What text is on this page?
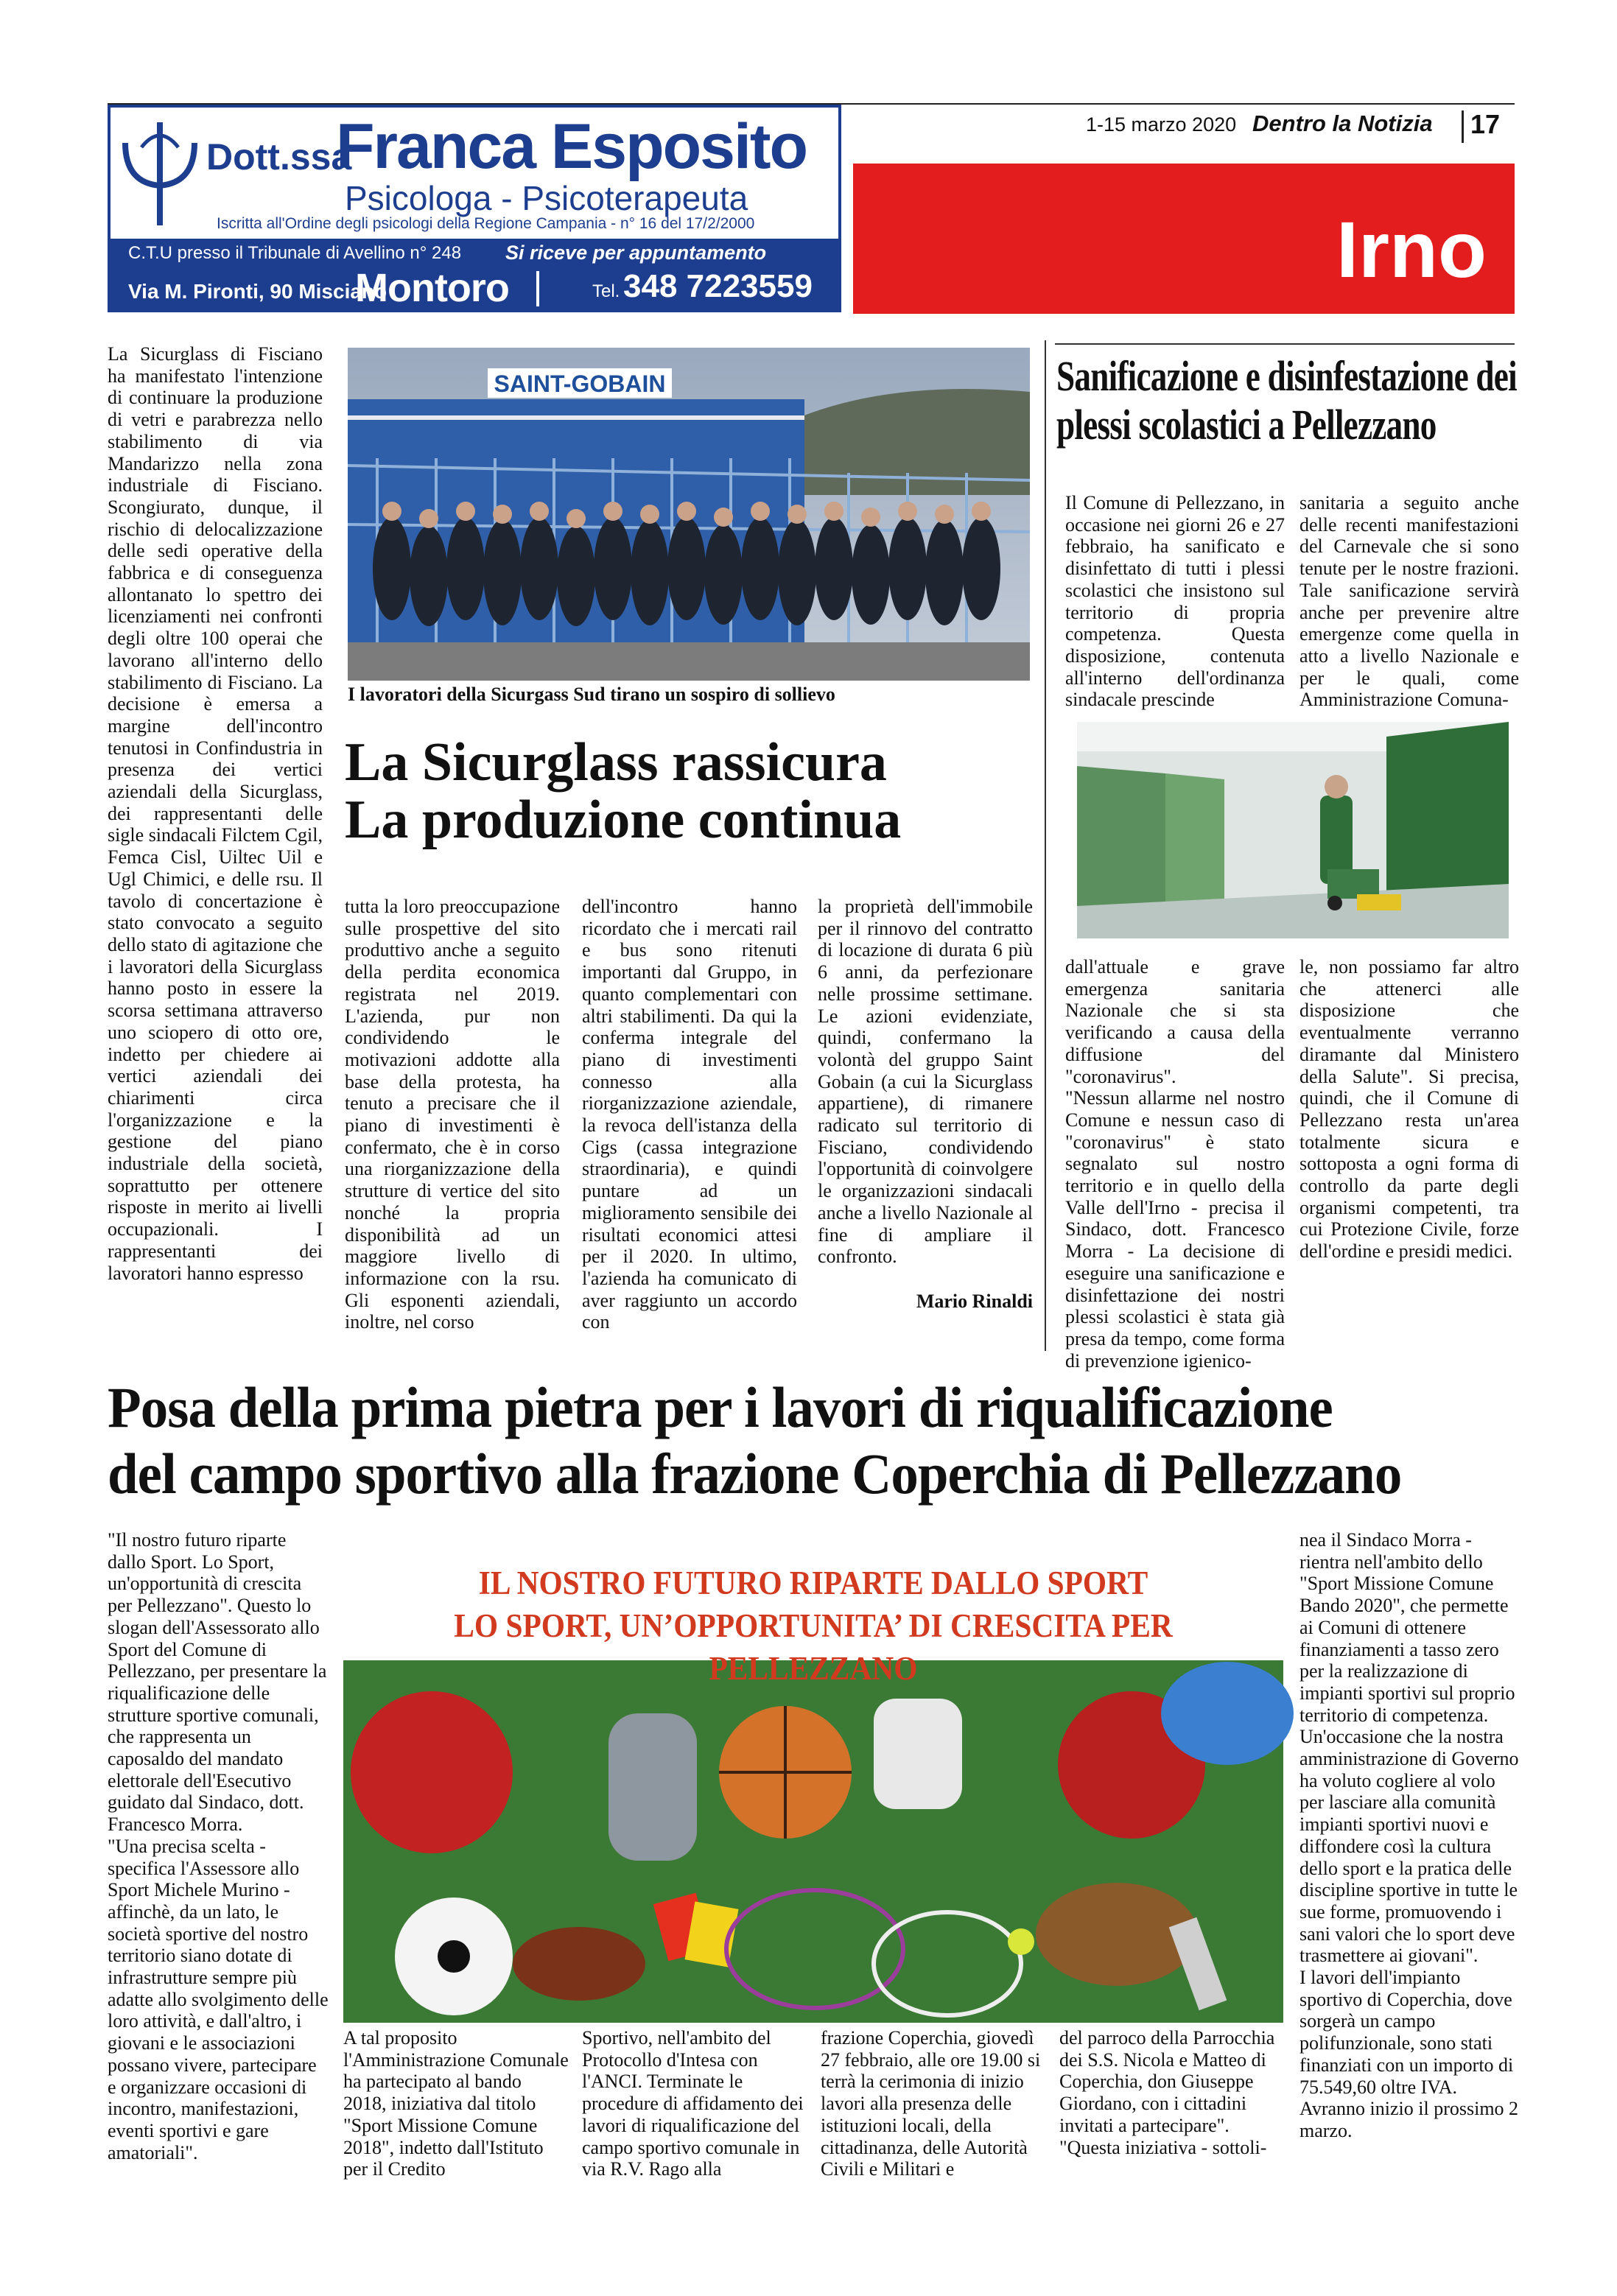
Dott.ssa
Franca Esposito
Psicologa - Psicoterapeuta
Iscritta all'Ordine degli psicologi della Regione Campania - n° 16 del 17/2/2000
C.T.U presso il Tribunale di Avellino n° 248 Si riceve per appuntamento
Via M. Pironti, 90 Misciano
Montoro	Tel. 348 7223559
1-15 marzo 2020 Dentro la Notizia 17
Irno
La Sicurglass di Fisciano ha manifestato l'intenzione di continuare la produzione di vetri e parabrezza nello stabilimento di via Mandarizzo nella zona industriale di Fisciano. Scongiurato, dunque, il rischio di delocalizzazione delle sedi operative della fabbrica e di conseguenza allontanato lo spettro dei licenziamenti nei confronti degli oltre 100 operai che lavorano all'interno dello stabilimento di Fisciano. La decisione è emersa a margine dell'incontro tenutosi in Confindustria in presenza dei vertici aziendali della Sicurglass, dei rappresentanti delle sigle sindacali Filctem Cgil, Femca Cisl, Uiltec Uil e Ugl Chimici, e delle rsu. Il tavolo di concertazione è stato convocato a seguito dello stato di agitazione che i lavoratori della Sicurglass hanno posto in essere la scorsa settimana attraverso uno sciopero di otto ore, indetto per chiedere ai vertici aziendali dei chiarimenti circa l'organizzazione e la gestione del piano industriale della società, soprattutto per ottenere risposte in merito ai livelli occupazionali. I rappresentanti dei lavoratori hanno espresso
SAINT-GOBAIN
I lavoratori della Sicurgass Sud tirano un sospiro di sollievo
La Sicurglass rassicura
La produzione continua
tutta la loro preoccupazione sulle prospettive del sito produttivo anche a seguito della perdita economica registrata nel 2019. L'azienda, pur non condividendo le motivazioni addotte alla base della protesta, ha tenuto a precisare che il piano di investimenti è confermato, che è in corso una riorganizzazione della strutture di vertice del sito nonché la propria disponibilità ad un maggiore livello di informazione con la rsu. Gli esponenti aziendali, inoltre, nel corso
dell'incontro hanno ricordato che i mercati rail e bus sono ritenuti importanti dal Gruppo, in quanto complementari con altri stabilimenti. Da qui la conferma integrale del piano di investimenti connesso alla riorganizzazione aziendale, la revoca dell'istanza della Cigs (cassa integrazione straordinaria), e quindi puntare ad un miglioramento sensibile dei risultati economici attesi per il 2020. In ultimo, l'azienda ha comunicato di aver raggiunto un accordo con
la proprietà dell'immobile per il rinnovo del contratto di locazione di durata 6 più 6 anni, da perfezionare nelle prossime settimane. Le azioni evidenziate, quindi, confermano la volontà del gruppo Saint Gobain (a cui la Sicurglass appartiene), di rimanere radicato sul territorio di Fisciano, condividendo l'opportunità di coinvolgere le organizzazioni sindacali anche a livello Nazionale al fine di ampliare il confronto.
Mario Rinaldi
Sanificazione e disinfestazione dei
plessi scolastici a Pellezzano
Il Comune di Pellezzano, in occasione nei giorni 26 e 27 febbraio, ha sanificato e disinfettato di tutti i plessi scolastici che insistono sul territorio di propria competenza. Questa disposizione, contenuta all'interno dell'ordinanza sindacale prescinde
sanitaria a seguito anche delle recenti manifestazioni del Carnevale che si sono tenute per le nostre frazioni. Tale sanificazione servirà anche per prevenire altre emergenze come quella in atto a livello Nazionale e per le quali, come Amministrazione Comuna-
dall'attuale e grave emergenza sanitaria Nazionale che si sta verificando a causa della diffusione del "coronavirus".
"Nessun allarme nel nostro Comune e nessun caso di "coronavirus" è stato segnalato sul nostro territorio e in quello della Valle dell'Irno - precisa il Sindaco, dott. Francesco Morra - La decisione di eseguire una sanificazione e disinfettazione dei nostri plessi scolastici è stata già presa da tempo, come forma di prevenzione igienico-
le, non possiamo far altro che attenerci alle disposizione che eventualmente verranno diramante dal Ministero della Salute". Si precisa, quindi, che il Comune di Pellezzano resta un'area totalmente sicura e sottoposta a ogni forma di controllo da parte degli organismi competenti, tra cui Protezione Civile, forze dell'ordine e presidi medici.
Posa della prima pietra per i lavori di riqualificazione
del campo sportivo alla frazione Coperchia di Pellezzano
"Il nostro futuro riparte dallo Sport. Lo Sport, un'opportunità di crescita per Pellezzano". Questo lo slogan dell'Assessorato allo Sport del Comune di Pellezzano, per presentare la riqualificazione delle strutture sportive comunali, che rappresenta un caposaldo del mandato elettorale dell'Esecutivo guidato dal Sindaco, dott. Francesco Morra.
"Una precisa scelta - specifica l'Assessore allo Sport Michele Murino - affinchè, da un lato, le società sportive del nostro territorio siano dotate di infrastrutture sempre più adatte allo svolgimento delle loro attività, e dall'altro, i giovani e le associazioni possano vivere, partecipare e organizzare occasioni di incontro, manifestazioni, eventi sportivi e gare amatoriali".
IL NOSTRO FUTURO RIPARTE DALLO SPORT
LO SPORT, UN’OPPORTUNITA’ DI CRESCITA PER PELLEZZANO
A tal proposito l'Amministrazione Comunale ha partecipato al bando 2018, iniziativa dal titolo "Sport Missione Comune 2018", indetto dall'Istituto per il Credito
Sportivo, nell'ambito del Protocollo d'Intesa con l'ANCI. Terminate le procedure di affidamento dei lavori di riqualificazione del campo sportivo comunale in via R.V. Rago alla
frazione Coperchia, giovedì 27 febbraio, alle ore 19.00 si terrà la cerimonia di inizio lavori alla presenza delle istituzioni locali, della cittadinanza, delle Autorità Civili e Militari e
del parroco della Parrocchia dei S.S. Nicola e Matteo di Coperchia, don Giuseppe Giordano, con i cittadini invitati a partecipare".
"Questa iniziativa - sottoli-
nea il Sindaco Morra - rientra nell'ambito dello "Sport Missione Comune Bando 2020", che permette ai Comuni di ottenere finanziamenti a tasso zero per la realizzazione di impianti sportivi sul proprio territorio di competenza. Un'occasione che la nostra amministrazione di Governo ha voluto cogliere al volo per lasciare alla comunità impianti sportivi nuovi e diffondere così la cultura dello sport e la pratica delle discipline sportive in tutte le sue forme, promuovendo i sani valori che lo sport deve trasmettere ai giovani".
I lavori dell'impianto sportivo di Coperchia, dove sorgerà un campo polifunzionale, sono stati finanziati con un importo di 75.549,60 oltre IVA. Avranno inizio il prossimo 2 marzo.
